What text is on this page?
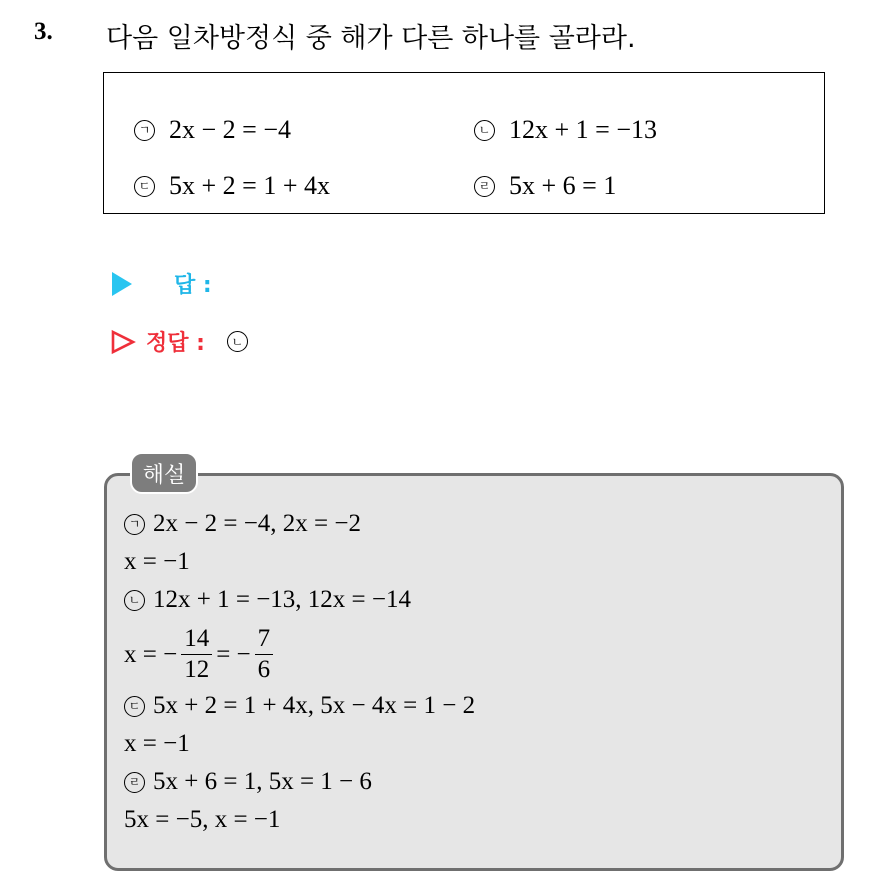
3. 다음 일차방정식 중 해가 다른 하나를 골라라.
ㄱ 2x − 2 = −4	ㄴ 12x + 1 = −13
ㄷ 5x + 2 = 1 + 4x	ㄹ 5x + 6 = 1
답 :
정답 :	ㄴ
해설
ㄱ 2x − 2 = −4, 2x = −2
x = −1
ㄴ 12x + 1 = −13, 12x = −14
x = − $\frac{14}{12}$ = − $\frac{7}{6}$
ㄷ 5x + 2 = 1 + 4x, 5x − 4x = 1 − 2
x = −1
ㄹ 5x + 6 = 1, 5x = 1 − 6
5x = −5, x = −1
